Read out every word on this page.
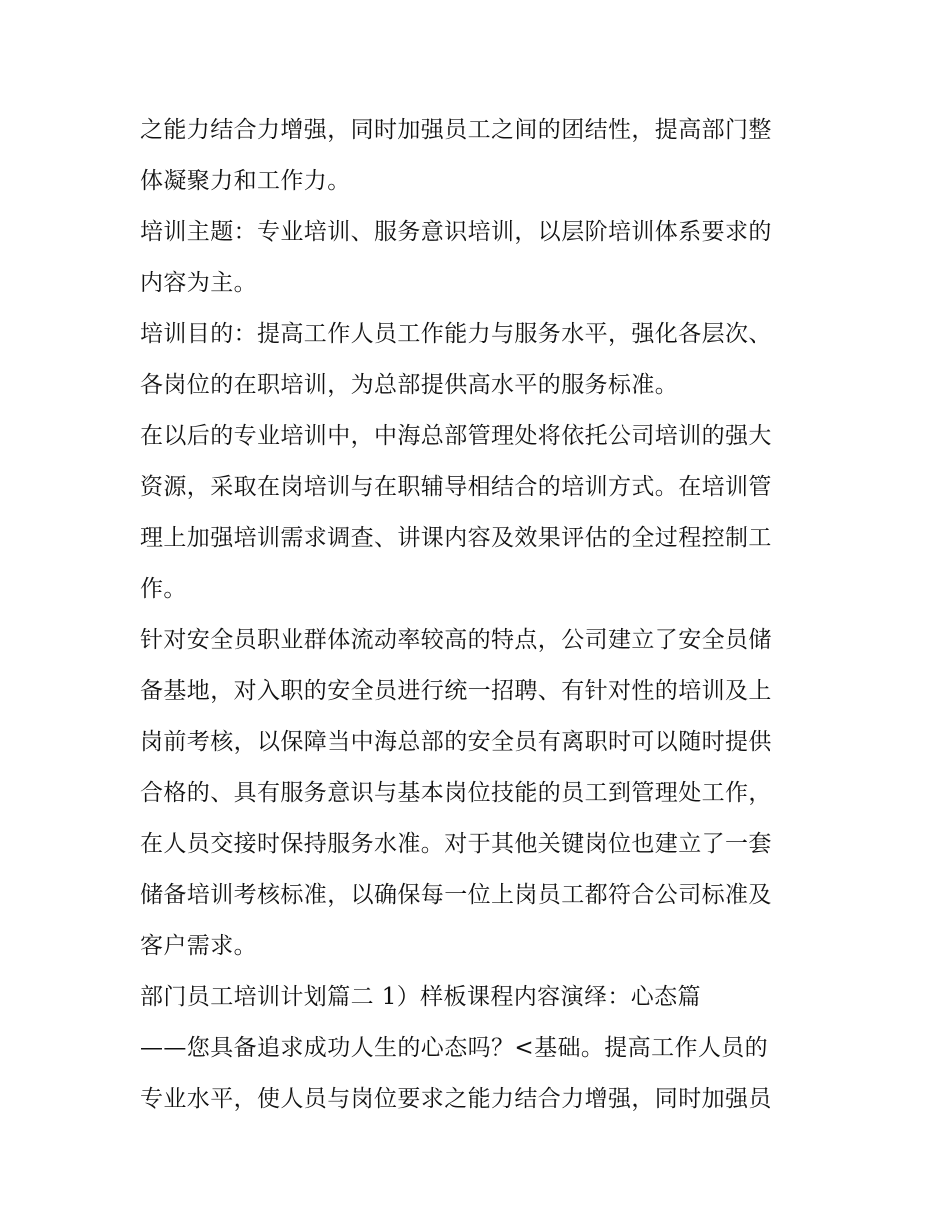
之能力结合力增强，同时加强员工之间的团结性，提高部门整
体凝聚力和工作力。
培训主题：专业培训、服务意识培训，以层阶培训体系要求的
内容为主。
培训目的：提高工作人员工作能力与服务水平，强化各层次、
各岗位的在职培训，为总部提供高水平的服务标准。
在以后的专业培训中，中海总部管理处将依托公司培训的强大
资源，采取在岗培训与在职辅导相结合的培训方式。在培训管
理上加强培训需求调查、讲课内容及效果评估的全过程控制工
作。
针对安全员职业群体流动率较高的特点，公司建立了安全员储
备基地，对入职的安全员进行统一招聘、有针对性的培训及上
岗前考核，以保障当中海总部的安全员有离职时可以随时提供
合格的、具有服务意识与基本岗位技能的员工到管理处工作，
在人员交接时保持服务水准。对于其他关键岗位也建立了一套
储备培训考核标准，以确保每一位上岗员工都符合公司标准及
客户需求。
部门员工培训计划篇二 1）样板课程内容演绎：心态篇
——您具备追求成功人生的心态吗？<基础。提高工作人员的
专业水平，使人员与岗位要求之能力结合力增强，同时加强员
